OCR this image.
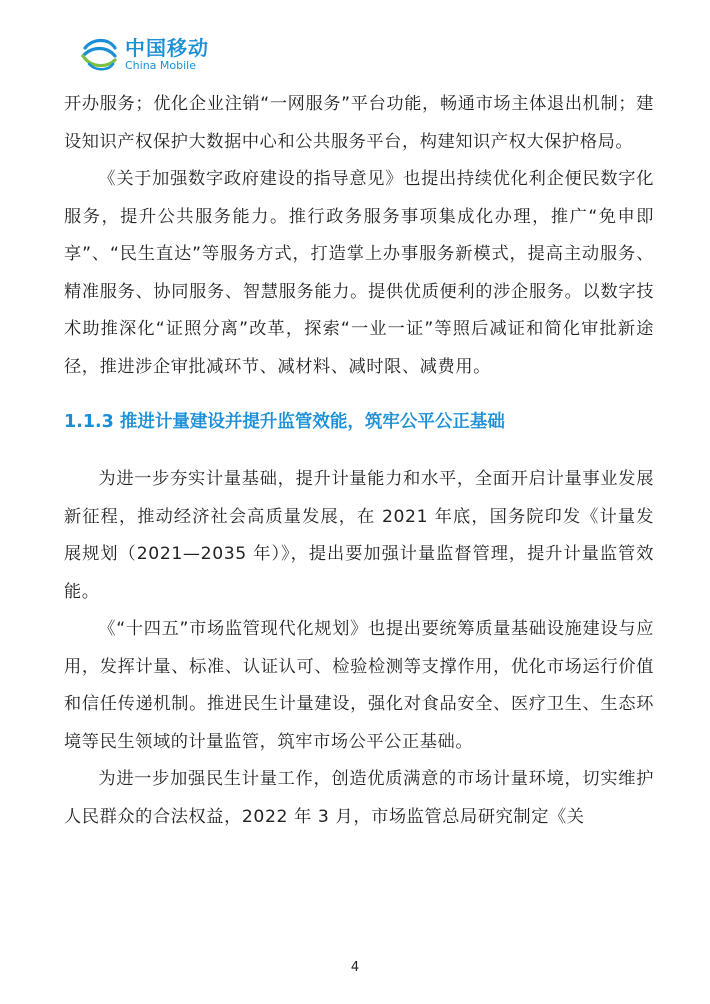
中国移动
China Mobile

开办服务；优化企业注销“一网服务”平台功能，畅通市场主体退出机制；建设知识产权保护大数据中心和公共服务平台，构建知识产权大保护格局。

《关于加强数字政府建设的指导意见》也提出持续优化利企便民数字化服务，提升公共服务能力。推行政务服务事项集成化办理，推广“免申即享”、“民生直达”等服务方式，打造掌上办事服务新模式，提高主动服务、精准服务、协同服务、智慧服务能力。提供优质便利的涉企服务。以数字技术助推深化“证照分离”改革，探索“一业一证”等照后减证和简化审批新途径，推进涉企审批减环节、减材料、减时限、减费用。

1.1.3 推进计量建设并提升监管效能，筑牢公平公正基础

为进一步夯实计量基础，提升计量能力和水平，全面开启计量事业发展新征程，推动经济社会高质量发展，在 2021 年底，国务院印发《计量发展规划（2021—2035 年）》，提出要加强计量监督管理，提升计量监管效能。

《“十四五”市场监管现代化规划》也提出要统筹质量基础设施建设与应用，发挥计量、标准、认证认可、检验检测等支撑作用，优化市场运行价值和信任传递机制。推进民生计量建设，强化对食品安全、医疗卫生、生态环境等民生领域的计量监管，筑牢市场公平公正基础。

为进一步加强民生计量工作，创造优质满意的市场计量环境，切实维护人民群众的合法权益，2022 年 3 月，市场监管总局研究制定《关

4
